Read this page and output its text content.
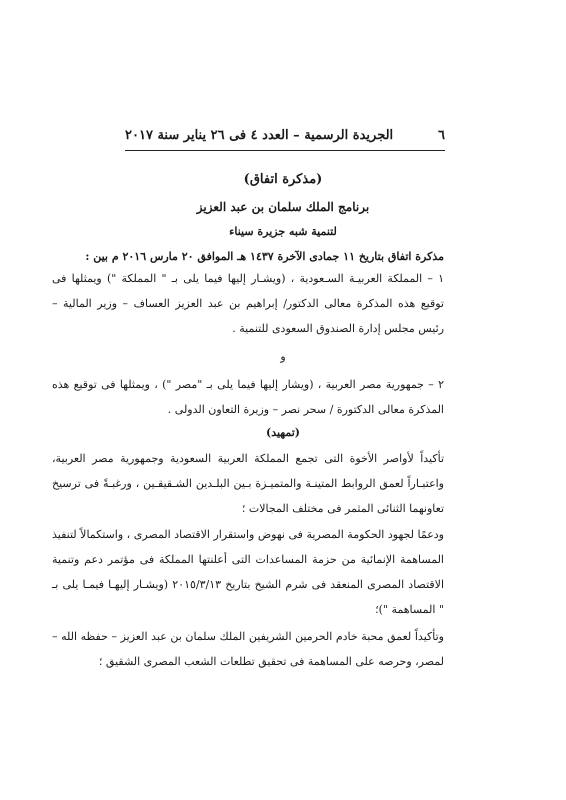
٦
الجريدة الرسمية – العدد ٤ فى ٢٦ يناير سنة ٢٠١٧
(مذكرة اتفاق)
برنامج الملك سلمان بن عبد العزيز
لتنمية شبه جزيرة سيناء
مذكرة اتفاق بتاريخ ١١ جمادى الآخرة ١٤٣٧ هـ الموافق ٢٠ مارس ٢٠١٦ م بين :
١ – المملكة العربيـة السـعودية ، (ويشـار إليها فيما يلى بـ " المملكة ") ويمثلها فى توقيع هذه المذكرة معالى الدكتور/ إبراهيم بن عبد العزيز العساف – وزير المالية – رئيس مجلس إدارة الصندوق السعودى للتنمية .
و
٢ – جمهورية مصر العربية ، (ويشار إليها فيما يلى بـ "مصر ") ، ويمثلها فى توقيع هذه المذكرة معالى الدكتورة / سحر نصر – وزيرة التعاون الدولى .
(تمهيد)
تأكيداً لأواصر الأخوة التى تجمع المملكة العربية السعودية وجمهورية مصر العربية، واعتبـاراً لعمق الروابط المتينـة والمتميـزة بـين البلـدين الشـقيقـين ، ورغبـةً فى ترسيخ تعاونهما الثنائى المثمر فى مختلف المجالات ؛
ودعمًا لجهود الحكومة المصرية فى نهوض واستقرار الاقتصاد المصرى ، واستكمالاً لتنفيذ المساهمة الإنمائية من حزمة المساعدات التى أعلنتها المملكة فى مؤتمر دعم وتنمية الاقتصاد المصرى المنعقد فى شرم الشيخ بتاريخ ٢٠١٥/٣/١٣ (ويشـار إليهـا فيمـا يلى بـ " المساهمة ")؛
وتأكيداً لعمق محبة خادم الحرمين الشريفين الملك سلمان بن عبد العزيز – حفظه الله – لمصر، وحرصه على المساهمة فى تحقيق تطلعات الشعب المصرى الشقيق ؛
